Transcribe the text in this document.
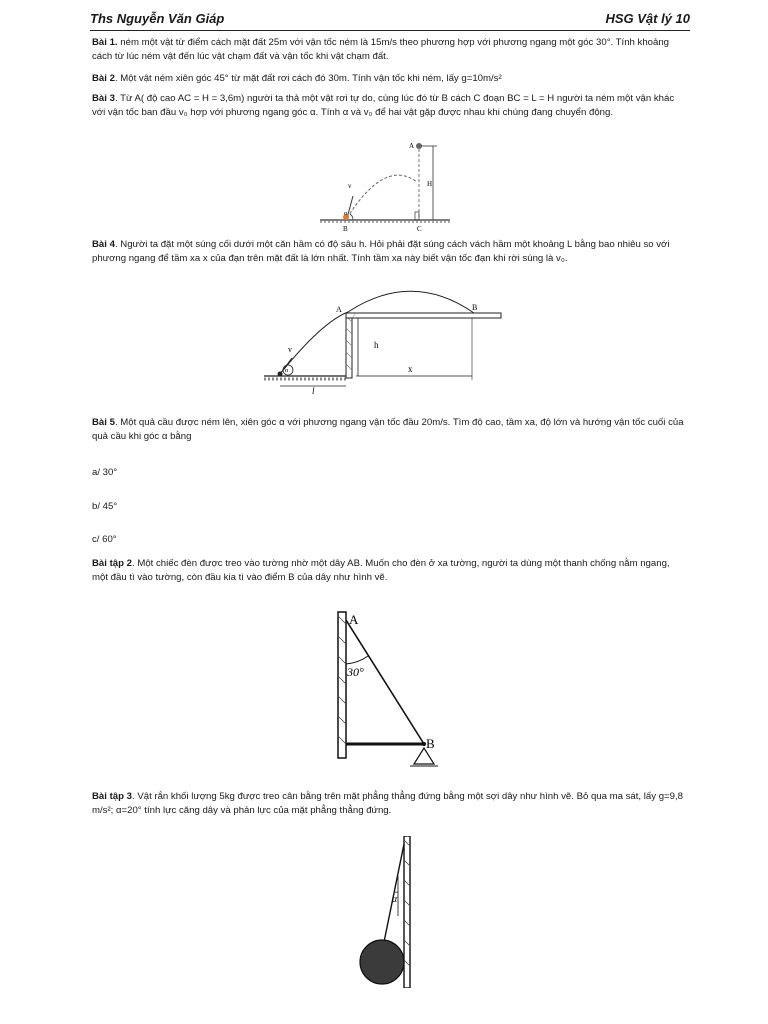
Ths Nguyễn Văn Giáp	HSG Vật lý 10
Bài 1. ném một vật từ điểm cách mặt đất 25m với vận tốc ném là 15m/s theo phương hợp với phương ngang một góc 30°. Tính khoảng cách từ lúc ném vật đến lúc vật chạm đất và vận tốc khi vật chạm đất.
Bài 2. Một vật ném xiên góc 45° từ mặt đất rơi cách đó 30m. Tính vận tốc khi ném, lấy g=10m/s²
Bài 3. Từ A( độ cao AC = H = 3,6m) người ta thả một vật rơi tự do, cùng lúc đó từ B cách C đoạn BC = L = H người ta ném một vận khác với vận tốc ban đầu v₀ hợp với phương ngang góc α. Tính α và v₀ để hai vật gặp được nhau khi chúng đang chuyển động.
A
B	C
H
v
α
Bài 4. Người ta đặt một súng cối dưới một căn hầm có độ sâu h. Hỏi phải đặt súng cách vách hầm một khoảng L bằng bao nhiêu so với phương ngang để tầm xa x của đạn trên mặt đất là lớn nhất. Tính tầm xa này biết vận tốc đạn khi rời súng là v₀.
A	B
h
x
l
v
α
Bài 5. Một quả cầu được ném lên, xiên góc α với phương ngang vận tốc đầu 20m/s. Tìm độ cao, tầm xa, độ lớn và hướng vận tốc cuối của quả cầu khi góc α bằng
a/ 30°
b/ 45°
c/ 60°
Bài tập 2. Một chiếc đèn được treo vào tường nhờ một dây AB. Muốn cho đèn ở xa tường, người ta dùng một thanh chống nằm ngang, một đầu tì vào tường, còn đầu kia tì vào điểm B của dây như hình vẽ.
A
B
30°
Bài tập 3. Vật rắn khối lượng 5kg được treo cân bằng trên mặt phẳng thẳng đứng bằng một sợi dây như hình vẽ. Bỏ qua ma sát, lấy g=9,8 m/s²; α=20° tính lực căng dây và phản lực của mặt phẳng thẳng đứng.
α
